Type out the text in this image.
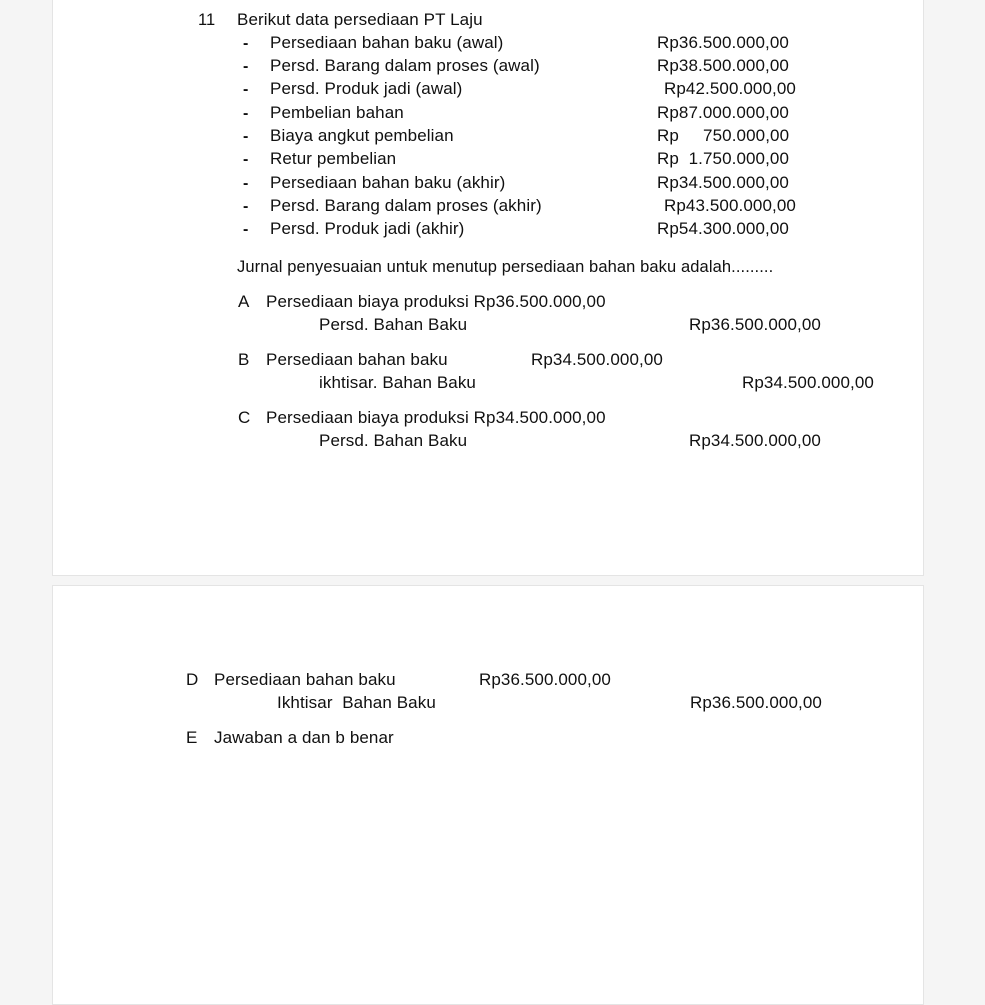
11 Berikut data persediaan PT Laju
- Persediaan bahan baku (awal)	Rp36.500.000,00
- Persd. Barang dalam proses (awal)	Rp38.500.000,00
- Persd. Produk jadi (awal)	Rp42.500.000,00
- Pembelian bahan	Rp87.000.000,00
- Biaya angkut pembelian	Rp     750.000,00
- Retur pembelian	Rp  1.750.000,00
- Persediaan bahan baku (akhir)	Rp34.500.000,00
- Persd. Barang dalam proses (akhir)	Rp43.500.000,00
- Persd. Produk jadi (akhir)	Rp54.300.000,00
Jurnal penyesuaian untuk menutup persediaan bahan baku adalah.........
A Persediaan biaya produksi Rp36.500.000,00
Persd. Bahan Baku	Rp36.500.000,00
B Persediaan bahan baku	Rp34.500.000,00
ikhtisar. Bahan Baku	Rp34.500.000,00
C Persediaan biaya produksi Rp34.500.000,00
Persd. Bahan Baku	Rp34.500.000,00
D Persediaan bahan baku	Rp36.500.000,00
Ikhtisar  Bahan Baku	Rp36.500.000,00
E Jawaban a dan b benar
